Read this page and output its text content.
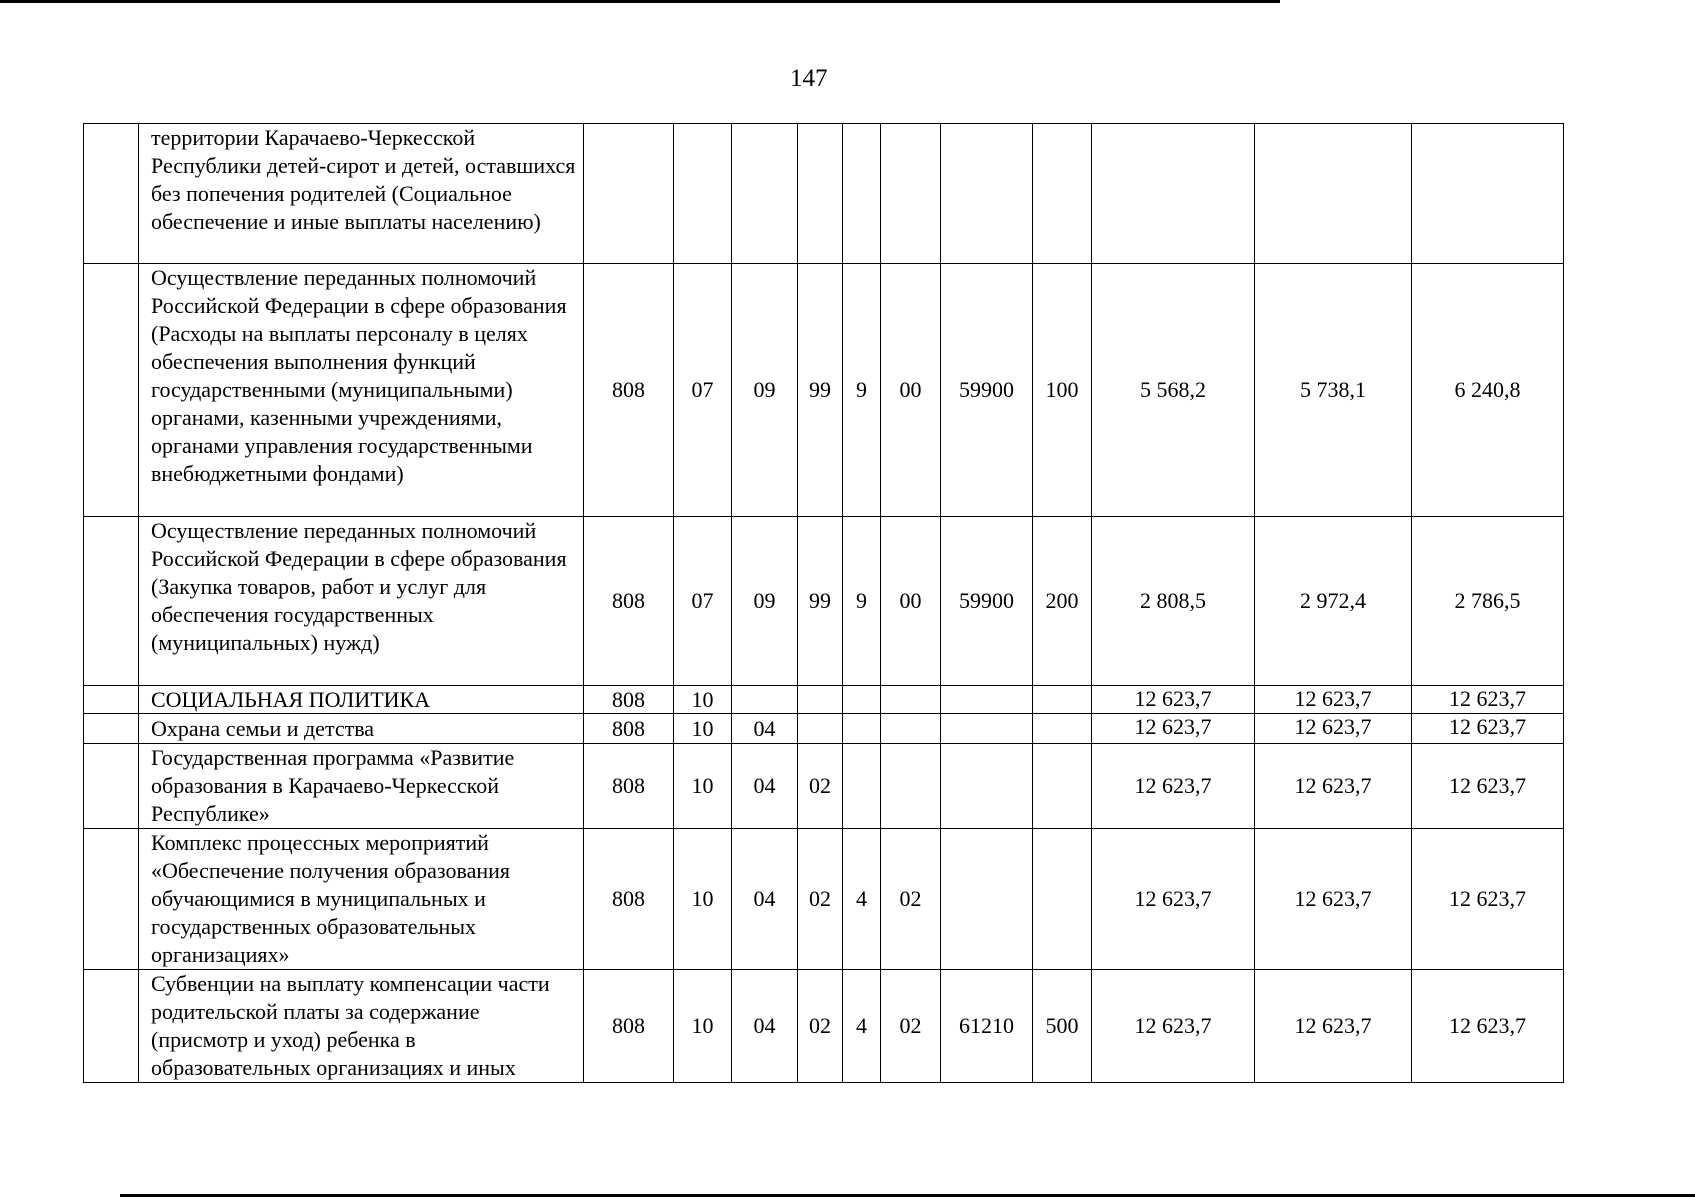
147
	территории Карачаево-Черкесской Республики детей-сирот и детей, оставшихся без попечения родителей (Социальное обеспечение и иные выплаты населению)											
	Осуществление переданных полномочий Российской Федерации в сфере образования (Расходы на выплаты персоналу в целях обеспечения выполнения функций государственными (муниципальными) органами, казенными учреждениями, органами управления государственными внебюджетными фондами)	808	07	09	99	9	00	59900	100	5 568,2	5 738,1	6 240,8
	Осуществление переданных полномочий Российской Федерации в сфере образования (Закупка товаров, работ и услуг для обеспечения государственных (муниципальных) нужд)	808	07	09	99	9	00	59900	200	2 808,5	2 972,4	2 786,5
	СОЦИАЛЬНАЯ ПОЛИТИКА	808	10							12 623,7	12 623,7	12 623,7
	Охрана семьи и детства	808	10	04						12 623,7	12 623,7	12 623,7
	Государственная программа «Развитие образования в Карачаево-Черкесской Республике»	808	10	04	02					12 623,7	12 623,7	12 623,7
	Комплекс процессных мероприятий «Обеспечение получения образования обучающимися в муниципальных и государственных образовательных организациях»	808	10	04	02	4	02			12 623,7	12 623,7	12 623,7
	Субвенции на выплату компенсации части родительской платы за содержание (присмотр и уход) ребенка в образовательных организациях и иных	808	10	04	02	4	02	61210	500	12 623,7	12 623,7	12 623,7
